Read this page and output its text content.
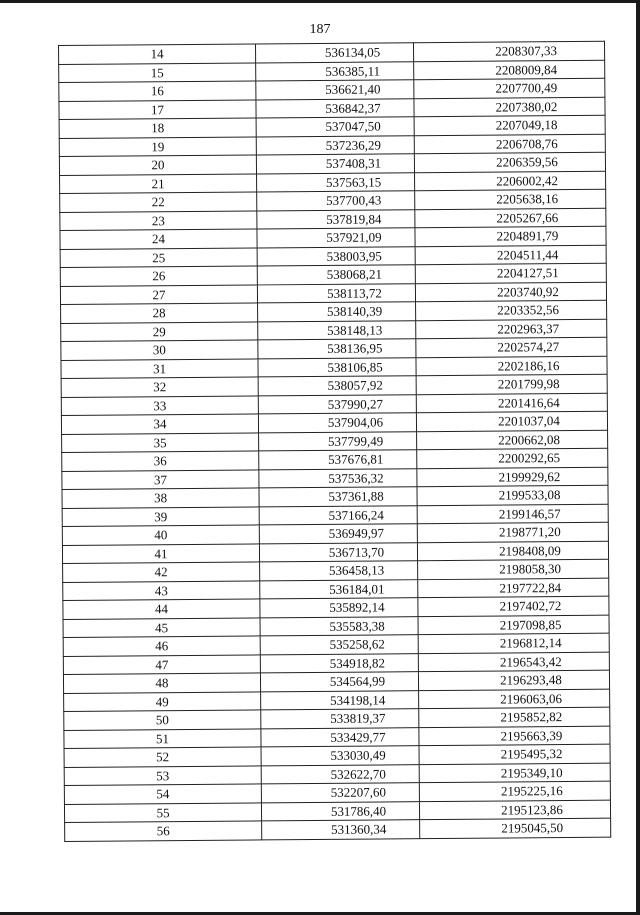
187
14	536134,05	2208307,33
15	536385,11	2208009,84
16	536621,40	2207700,49
17	536842,37	2207380,02
18	537047,50	2207049,18
19	537236,29	2206708,76
20	537408,31	2206359,56
21	537563,15	2206002,42
22	537700,43	2205638,16
23	537819,84	2205267,66
24	537921,09	2204891,79
25	538003,95	2204511,44
26	538068,21	2204127,51
27	538113,72	2203740,92
28	538140,39	2203352,56
29	538148,13	2202963,37
30	538136,95	2202574,27
31	538106,85	2202186,16
32	538057,92	2201799,98
33	537990,27	2201416,64
34	537904,06	2201037,04
35	537799,49	2200662,08
36	537676,81	2200292,65
37	537536,32	2199929,62
38	537361,88	2199533,08
39	537166,24	2199146,57
40	536949,97	2198771,20
41	536713,70	2198408,09
42	536458,13	2198058,30
43	536184,01	2197722,84
44	535892,14	2197402,72
45	535583,38	2197098,85
46	535258,62	2196812,14
47	534918,82	2196543,42
48	534564,99	2196293,48
49	534198,14	2196063,06
50	533819,37	2195852,82
51	533429,77	2195663,39
52	533030,49	2195495,32
53	532622,70	2195349,10
54	532207,60	2195225,16
55	531786,40	2195123,86
56	531360,34	2195045,50
